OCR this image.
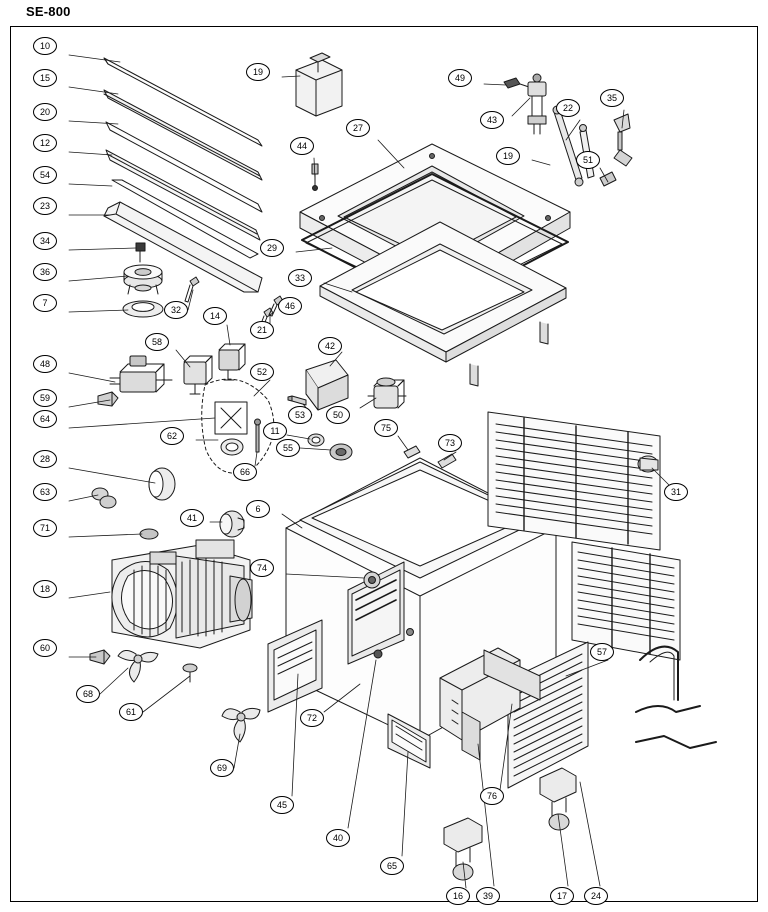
SE-800
10
15
20
12
54
23
34
36
7
48
59
64
28
63
71
18
60
68
61
69
32
58
14
21
46
52
62
66
55
53
11
50
42
19
44
27
29
33
49
43
19
22
35
51
75
73
31
6
74
41
72
45
40
65
16	39	17	24
76
57
